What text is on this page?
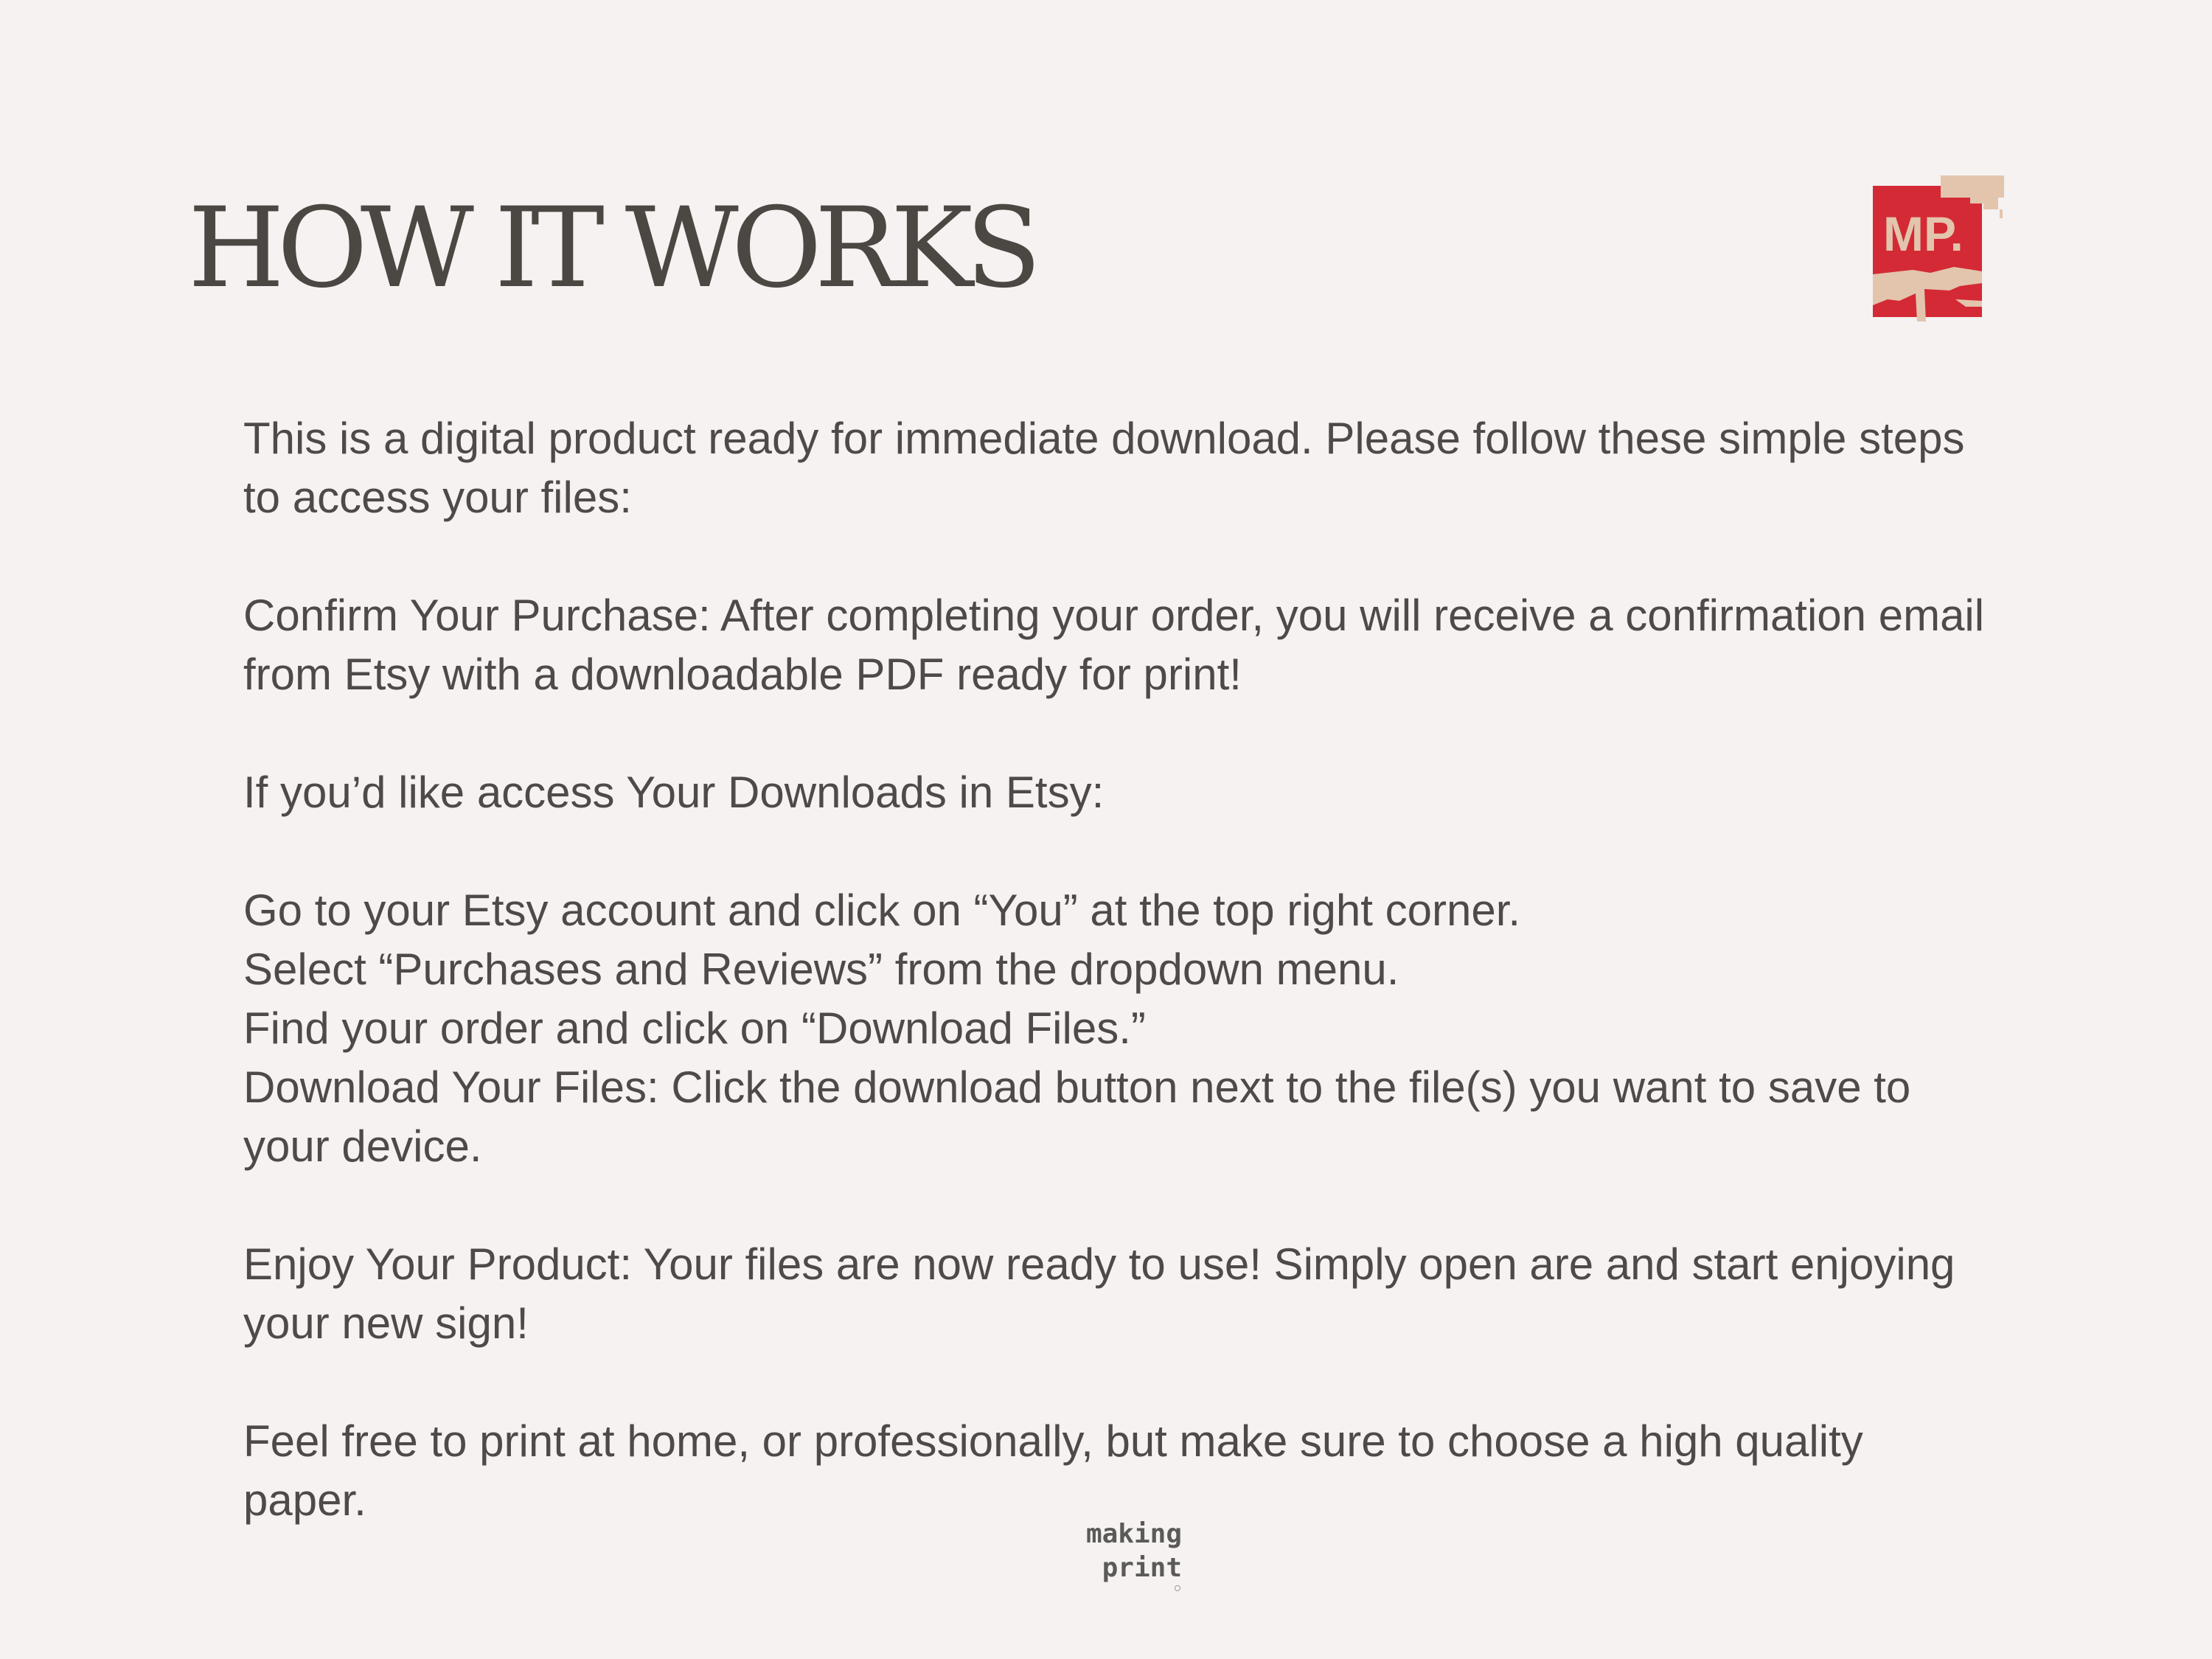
HOW IT WORKS	MP.

This is a digital product ready for immediate download. Please follow these simple steps to access your files:

Confirm Your Purchase: After completing your order, you will receive a confirmation email from Etsy with a downloadable PDF ready for print!

If you’d like access Your Downloads in Etsy:

Go to your Etsy account and click on “You” at the top right corner.

Select “Purchases and Reviews” from the dropdown menu.

Find your order and click on “Download Files.”

Download Your Files: Click the download button next to the file(s) you want to save to your device.

Enjoy Your Product: Your files are now ready to use! Simply open are and start enjoying your new sign!

Feel free to print at home, or professionally, but make sure to choose a high quality paper.

making
print
